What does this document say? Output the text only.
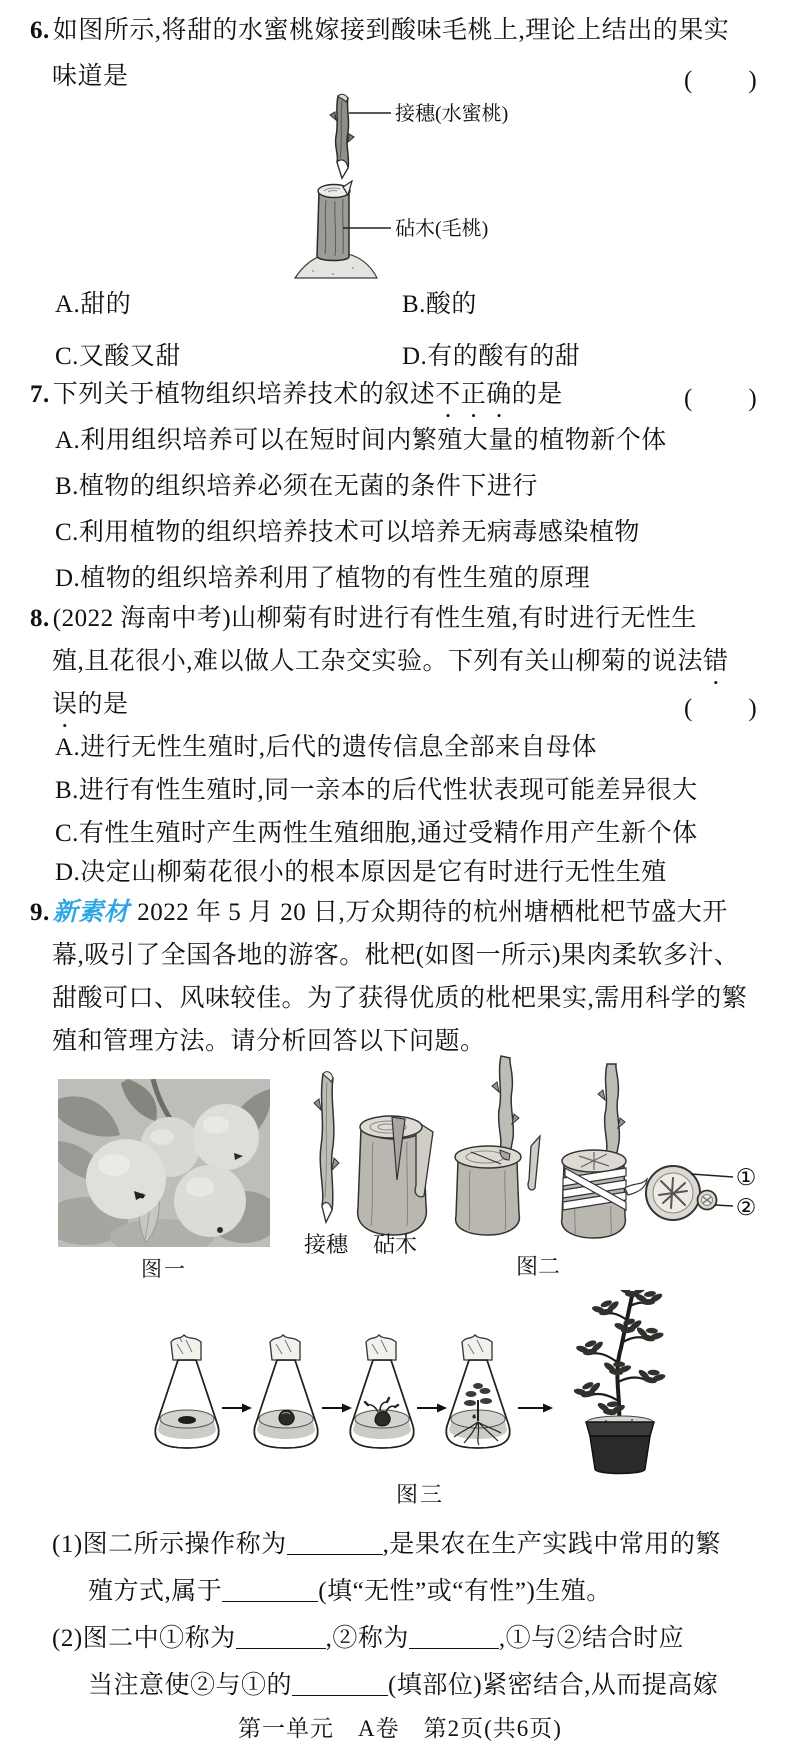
6. 如图所示,将甜的水蜜桃嫁接到酸味毛桃上,理论上结出的果实
味道是	(　　)
接穗(水蜜桃)
砧木(毛桃)
A.甜的	B.酸的
C.又酸又甜	D.有的酸有的甜
7. 下列关于植物组织培养技术的叙述不正确的是	(　　)
A.利用组织培养可以在短时间内繁殖大量的植物新个体
B.植物的组织培养必须在无菌的条件下进行
C.利用植物的组织培养技术可以培养无病毒感染植物
D.植物的组织培养利用了植物的有性生殖的原理
8. (2022 海南中考)山柳菊有时进行有性生殖,有时进行无性生
殖,且花很小,难以做人工杂交实验。下列有关山柳菊的说法错
误的是	(　　)
A.进行无性生殖时,后代的遗传信息全部来自母体
B.进行有性生殖时,同一亲本的后代性状表现可能差异很大
C.有性生殖时产生两性生殖细胞,通过受精作用产生新个体
D.决定山柳菊花很小的根本原因是它有时进行无性生殖
9. 新素材 2022 年 5 月 20 日,万众期待的杭州塘栖枇杷节盛大开
幕,吸引了全国各地的游客。枇杷(如图一所示)果肉柔软多汁、
甜酸可口、风味较佳。为了获得优质的枇杷果实,需用科学的繁
殖和管理方法。请分析回答以下问题。
图一
①
②
接穗 砧木
图二
图三
(1)图二所示操作称为	,是果农在生产实践中常用的繁
殖方式,属于	(填“无性”或“有性”)生殖。
(2)图二中①称为	,②称为	,①与②结合时应
当注意使②与①的	(填部位)紧密结合,从而提高嫁
第一单元　A卷　第2页(共6页)
